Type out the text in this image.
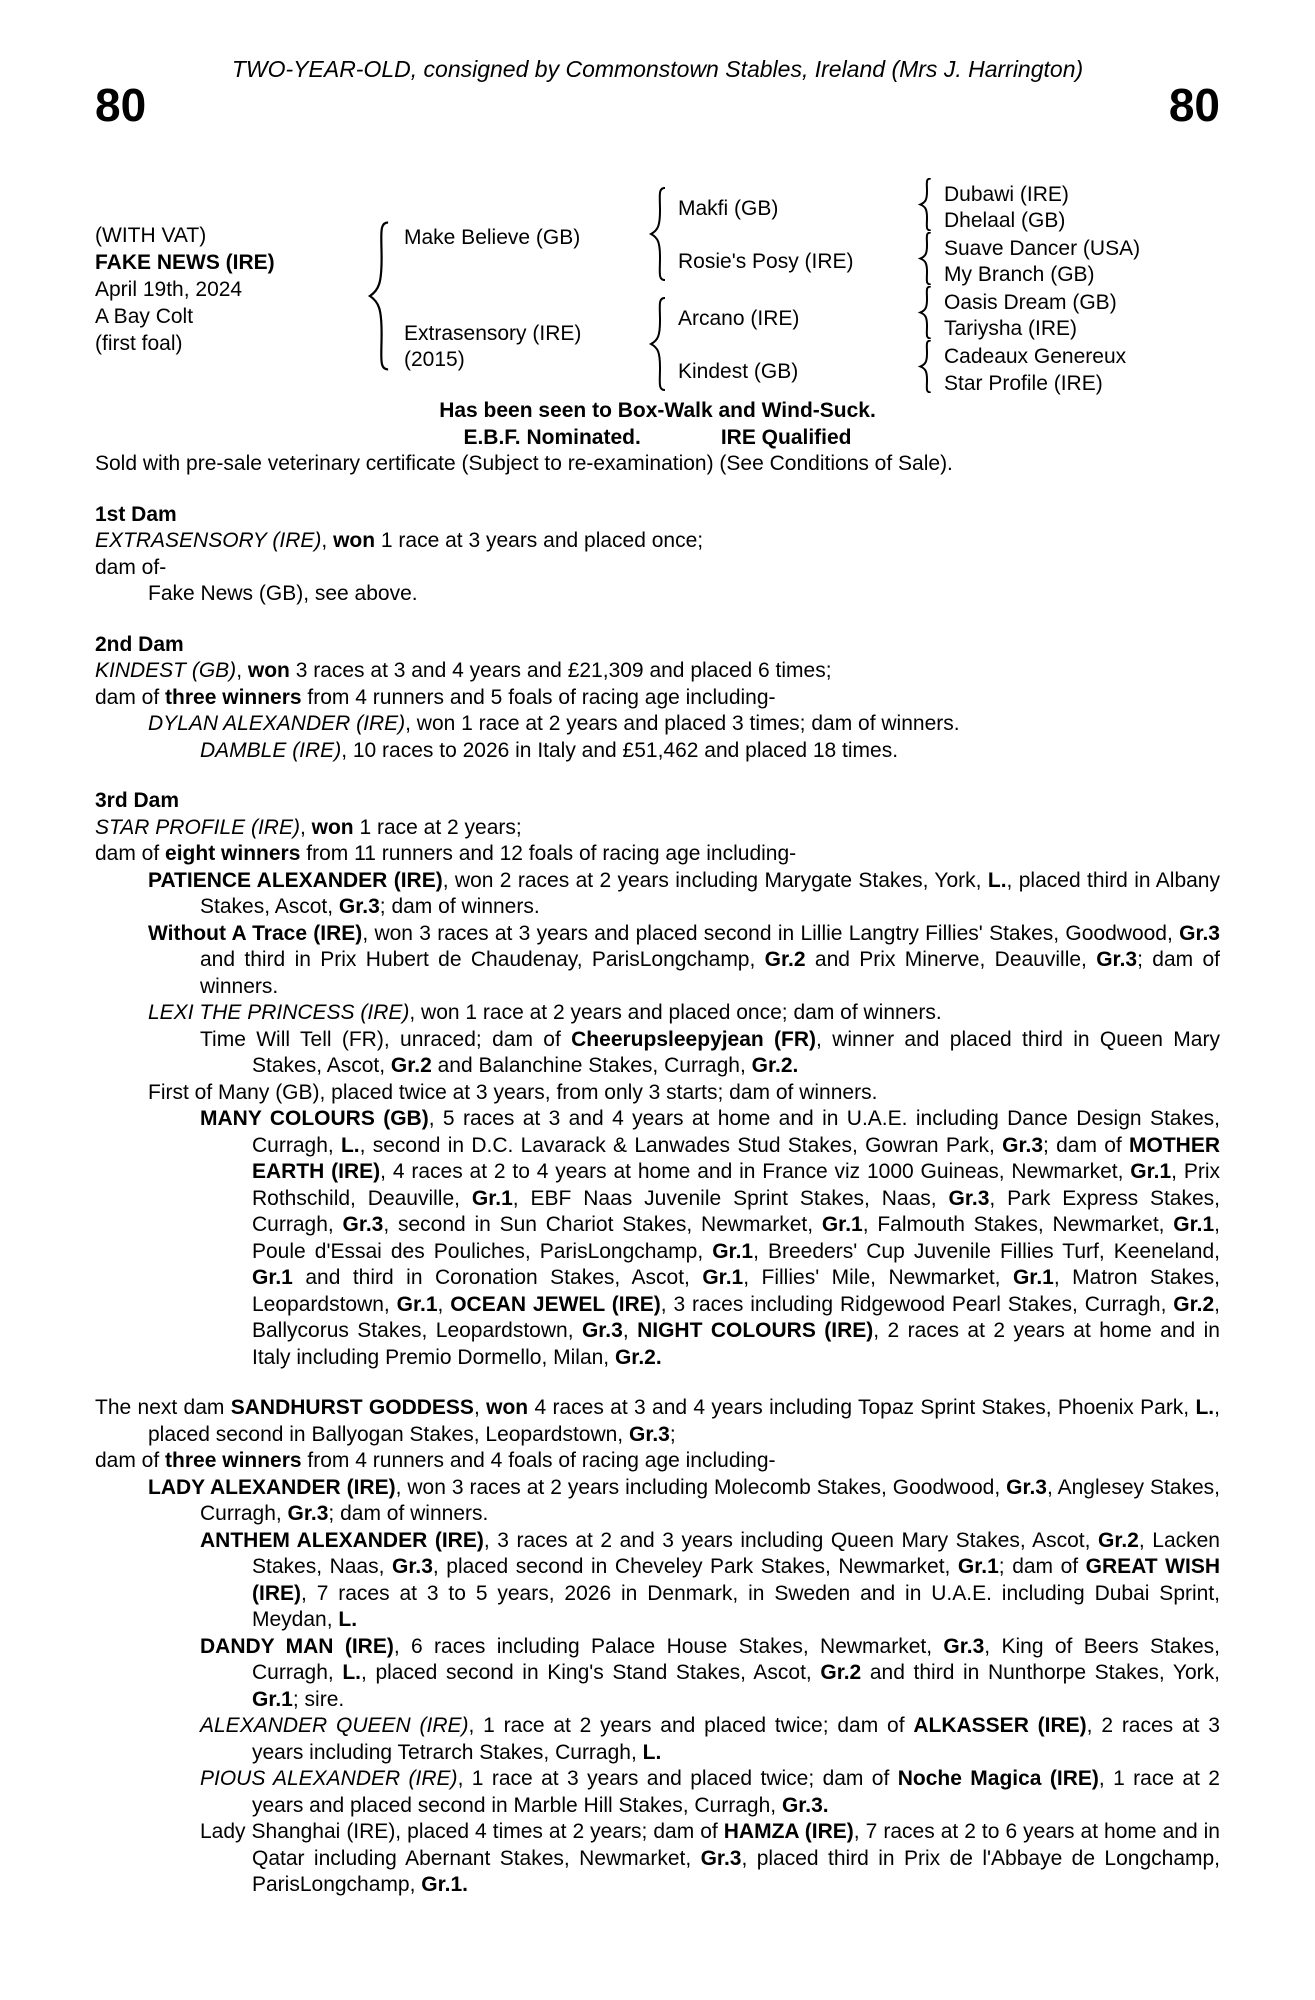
TWO-YEAR-OLD, consigned by Commonstown Stables, Ireland (Mrs J. Harrington)
80	80
(WITH VAT)
FAKE NEWS (IRE)
April 19th, 2024
A Bay Colt
(first foal)
Make Believe (GB)
Extrasensory (IRE)
(2015)
Makfi (GB)
Rosie's Posy (IRE)
Arcano (IRE)
Kindest (GB)
Dubawi (IRE)
Dhelaal (GB)
Suave Dancer (USA)
My Branch (GB)
Oasis Dream (GB)
Tariysha (IRE)
Cadeaux Genereux
Star Profile (IRE)
Has been seen to Box-Walk and Wind-Suck.
E.B.F. Nominated.	IRE Qualified
Sold with pre-sale veterinary certificate (Subject to re-examination) (See Conditions of Sale).
1st Dam
EXTRASENSORY (IRE), won 1 race at 3 years and placed once;
dam of-
Fake News (GB), see above.
2nd Dam
KINDEST (GB), won 3 races at 3 and 4 years and £21,309 and placed 6 times;
dam of three winners from 4 runners and 5 foals of racing age including-
DYLAN ALEXANDER (IRE), won 1 race at 2 years and placed 3 times; dam of winners.
DAMBLE (IRE), 10 races to 2026 in Italy and £51,462 and placed 18 times.
3rd Dam
STAR PROFILE (IRE), won 1 race at 2 years;
dam of eight winners from 11 runners and 12 foals of racing age including-
PATIENCE ALEXANDER (IRE), won 2 races at 2 years including Marygate Stakes, York, L., placed third in Albany Stakes, Ascot, Gr.3; dam of winners.
Without A Trace (IRE), won 3 races at 3 years and placed second in Lillie Langtry Fillies' Stakes, Goodwood, Gr.3 and third in Prix Hubert de Chaudenay, ParisLongchamp, Gr.2 and Prix Minerve, Deauville, Gr.3; dam of winners.
LEXI THE PRINCESS (IRE), won 1 race at 2 years and placed once; dam of winners.
Time Will Tell (FR), unraced; dam of Cheerupsleepyjean (FR), winner and placed third in Queen Mary Stakes, Ascot, Gr.2 and Balanchine Stakes, Curragh, Gr.2.
First of Many (GB), placed twice at 3 years, from only 3 starts; dam of winners.
MANY COLOURS (GB), 5 races at 3 and 4 years at home and in U.A.E. including Dance Design Stakes, Curragh, L., second in D.C. Lavarack & Lanwades Stud Stakes, Gowran Park, Gr.3; dam of MOTHER EARTH (IRE), 4 races at 2 to 4 years at home and in France viz 1000 Guineas, Newmarket, Gr.1, Prix Rothschild, Deauville, Gr.1, EBF Naas Juvenile Sprint Stakes, Naas, Gr.3, Park Express Stakes, Curragh, Gr.3, second in Sun Chariot Stakes, Newmarket, Gr.1, Falmouth Stakes, Newmarket, Gr.1, Poule d'Essai des Pouliches, ParisLongchamp, Gr.1, Breeders' Cup Juvenile Fillies Turf, Keeneland, Gr.1 and third in Coronation Stakes, Ascot, Gr.1, Fillies' Mile, Newmarket, Gr.1, Matron Stakes, Leopardstown, Gr.1, OCEAN JEWEL (IRE), 3 races including Ridgewood Pearl Stakes, Curragh, Gr.2, Ballycorus Stakes, Leopardstown, Gr.3, NIGHT COLOURS (IRE), 2 races at 2 years at home and in Italy including Premio Dormello, Milan, Gr.2.
The next dam SANDHURST GODDESS, won 4 races at 3 and 4 years including Topaz Sprint Stakes, Phoenix Park, L., placed second in Ballyogan Stakes, Leopardstown, Gr.3;
dam of three winners from 4 runners and 4 foals of racing age including-
LADY ALEXANDER (IRE), won 3 races at 2 years including Molecomb Stakes, Goodwood, Gr.3, Anglesey Stakes, Curragh, Gr.3; dam of winners.
ANTHEM ALEXANDER (IRE), 3 races at 2 and 3 years including Queen Mary Stakes, Ascot, Gr.2, Lacken Stakes, Naas, Gr.3, placed second in Cheveley Park Stakes, Newmarket, Gr.1; dam of GREAT WISH (IRE), 7 races at 3 to 5 years, 2026 in Denmark, in Sweden and in U.A.E. including Dubai Sprint, Meydan, L.
DANDY MAN (IRE), 6 races including Palace House Stakes, Newmarket, Gr.3, King of Beers Stakes, Curragh, L., placed second in King's Stand Stakes, Ascot, Gr.2 and third in Nunthorpe Stakes, York, Gr.1; sire.
ALEXANDER QUEEN (IRE), 1 race at 2 years and placed twice; dam of ALKASSER (IRE), 2 races at 3 years including Tetrarch Stakes, Curragh, L.
PIOUS ALEXANDER (IRE), 1 race at 3 years and placed twice; dam of Noche Magica (IRE), 1 race at 2 years and placed second in Marble Hill Stakes, Curragh, Gr.3.
Lady Shanghai (IRE), placed 4 times at 2 years; dam of HAMZA (IRE), 7 races at 2 to 6 years at home and in Qatar including Abernant Stakes, Newmarket, Gr.3, placed third in Prix de l'Abbaye de Longchamp, ParisLongchamp, Gr.1.
